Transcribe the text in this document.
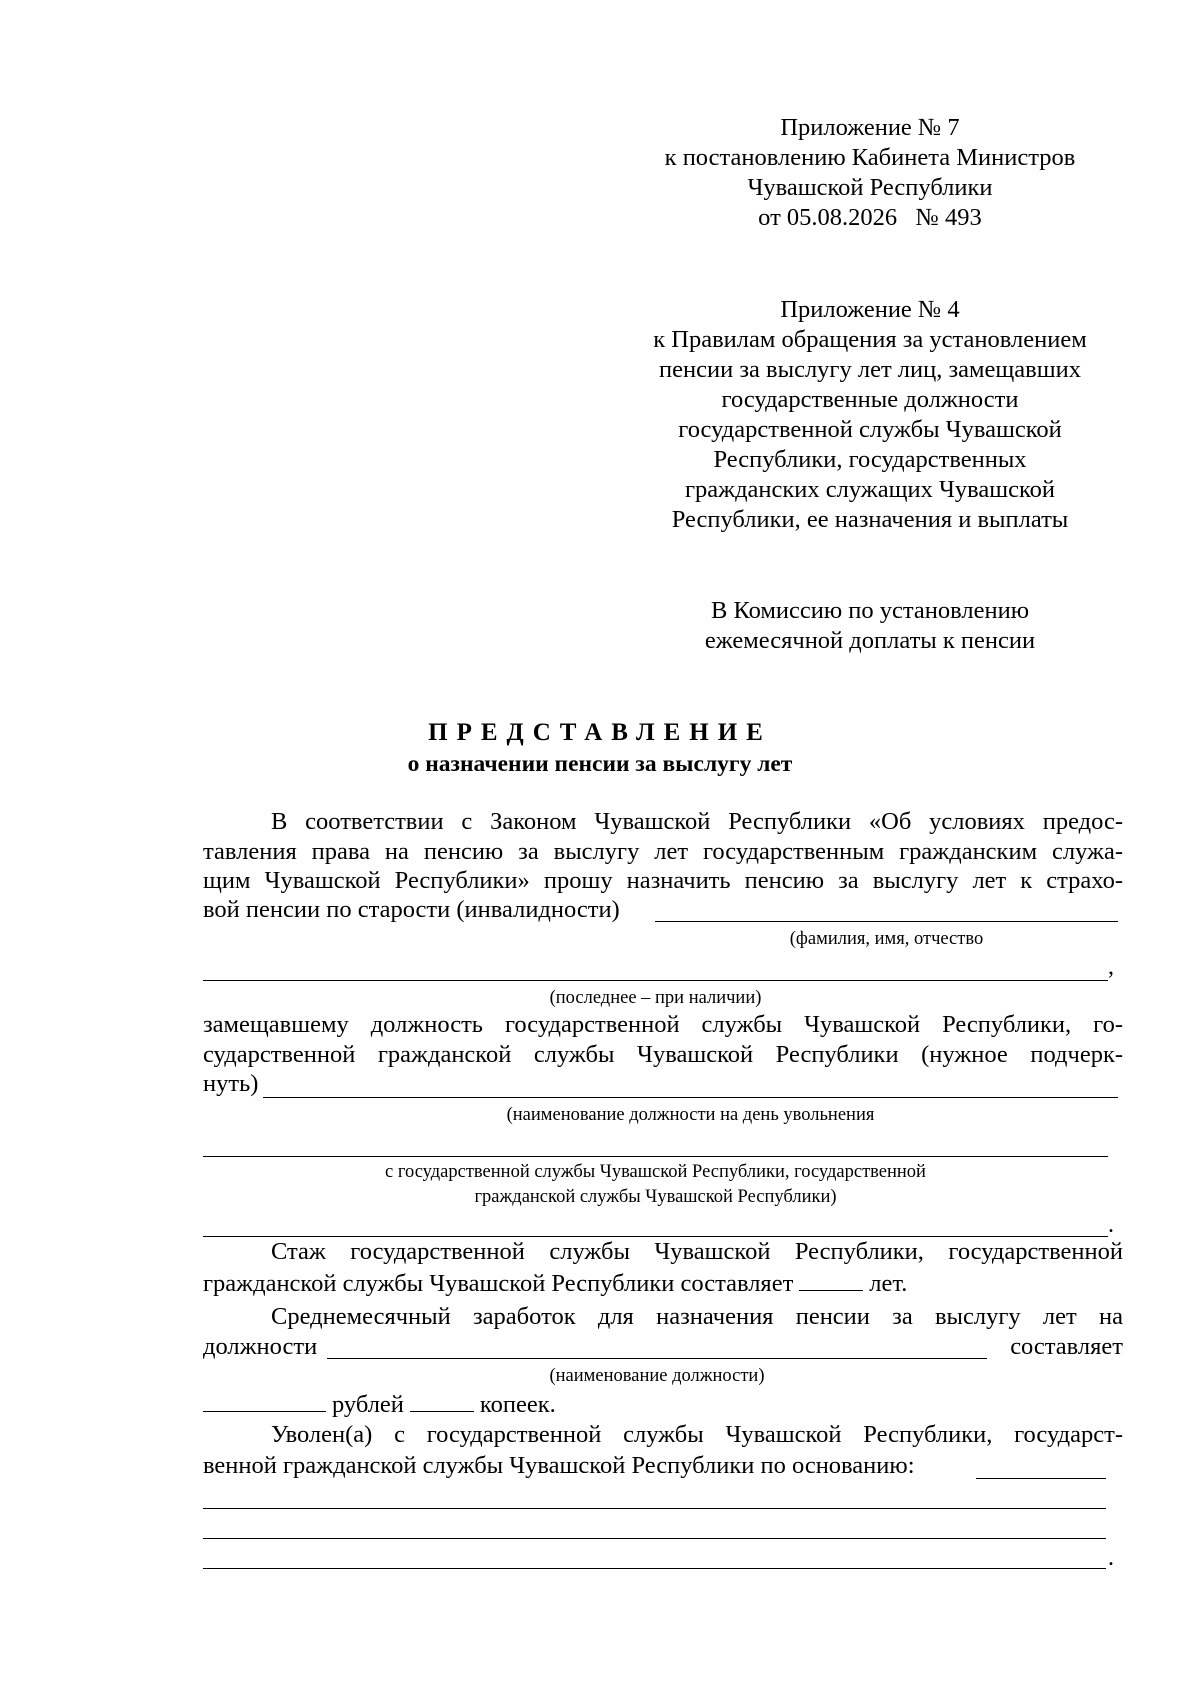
Приложение № 7
к постановлению Кабинета Министров
Чувашской Республики
от 05.08.2026   № 493
Приложение № 4
к Правилам обращения за установлением
пенсии за выслугу лет лиц, замещавших
государственные должности
государственной службы Чувашской
Республики, государственных
гражданских служащих Чувашской
Республики, ее назначения и выплаты
В Комиссию по установлению
ежемесячной доплаты к пенсии
ПРЕДСТАВЛЕНИЕ
о назначении пенсии за выслугу лет
В соответствии с Законом Чувашской Республики «Об условиях предос-
тавления права на пенсию за выслугу лет государственным гражданским служа-
щим Чувашской Республики» прошу назначить пенсию за выслугу лет к страхо-
вой пенсии по старости (инвалидности)
(фамилия, имя, отчество
,
(последнее – при наличии)
замещавшему должность государственной службы Чувашской Республики, го-
сударственной гражданской службы Чувашской Республики (нужное подчерк-
нуть)
(наименование должности на день увольнения
с государственной службы Чувашской Республики, государственной
гражданской службы Чувашской Республики)
.
Стаж государственной службы Чувашской Республики, государственной
гражданской службы Чувашской Республики составляет	лет.
Среднемесячный заработок для назначения пенсии за выслугу лет на
должности	составляет
(наименование должности)
рублей	копеек.
Уволен(а) с государственной службы Чувашской Республики, государст-
венной гражданской службы Чувашской Республики по основанию:
.
